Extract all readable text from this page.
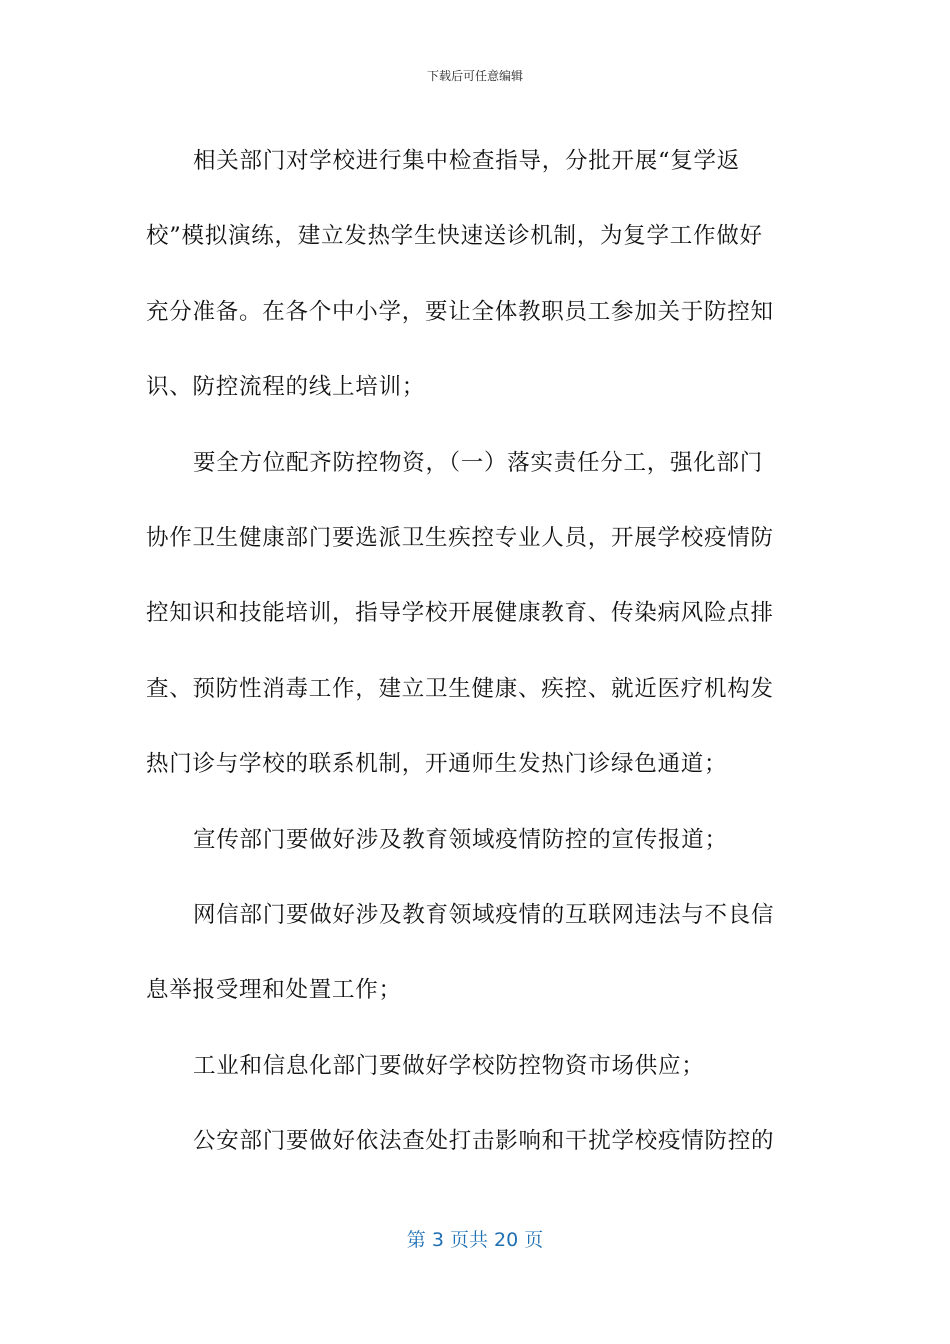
下载后可任意编辑
相关部门对学校进行集中检查指导，分批开展“复学返
校”模拟演练，建立发热学生快速送诊机制，为复学工作做好
充分准备。在各个中小学，要让全体教职员工参加关于防控知
识、防控流程的线上培训；
要全方位配齐防控物资，（一）落实责任分工，强化部门
协作卫生健康部门要选派卫生疾控专业人员，开展学校疫情防
控知识和技能培训，指导学校开展健康教育、传染病风险点排
查、预防性消毒工作，建立卫生健康、疾控、就近医疗机构发
热门诊与学校的联系机制，开通师生发热门诊绿色通道；
宣传部门要做好涉及教育领域疫情防控的宣传报道；
网信部门要做好涉及教育领域疫情的互联网违法与不良信
息举报受理和处置工作；
工业和信息化部门要做好学校防控物资市场供应；
公安部门要做好依法查处打击影响和干扰学校疫情防控的
第 3 页共 20 页
